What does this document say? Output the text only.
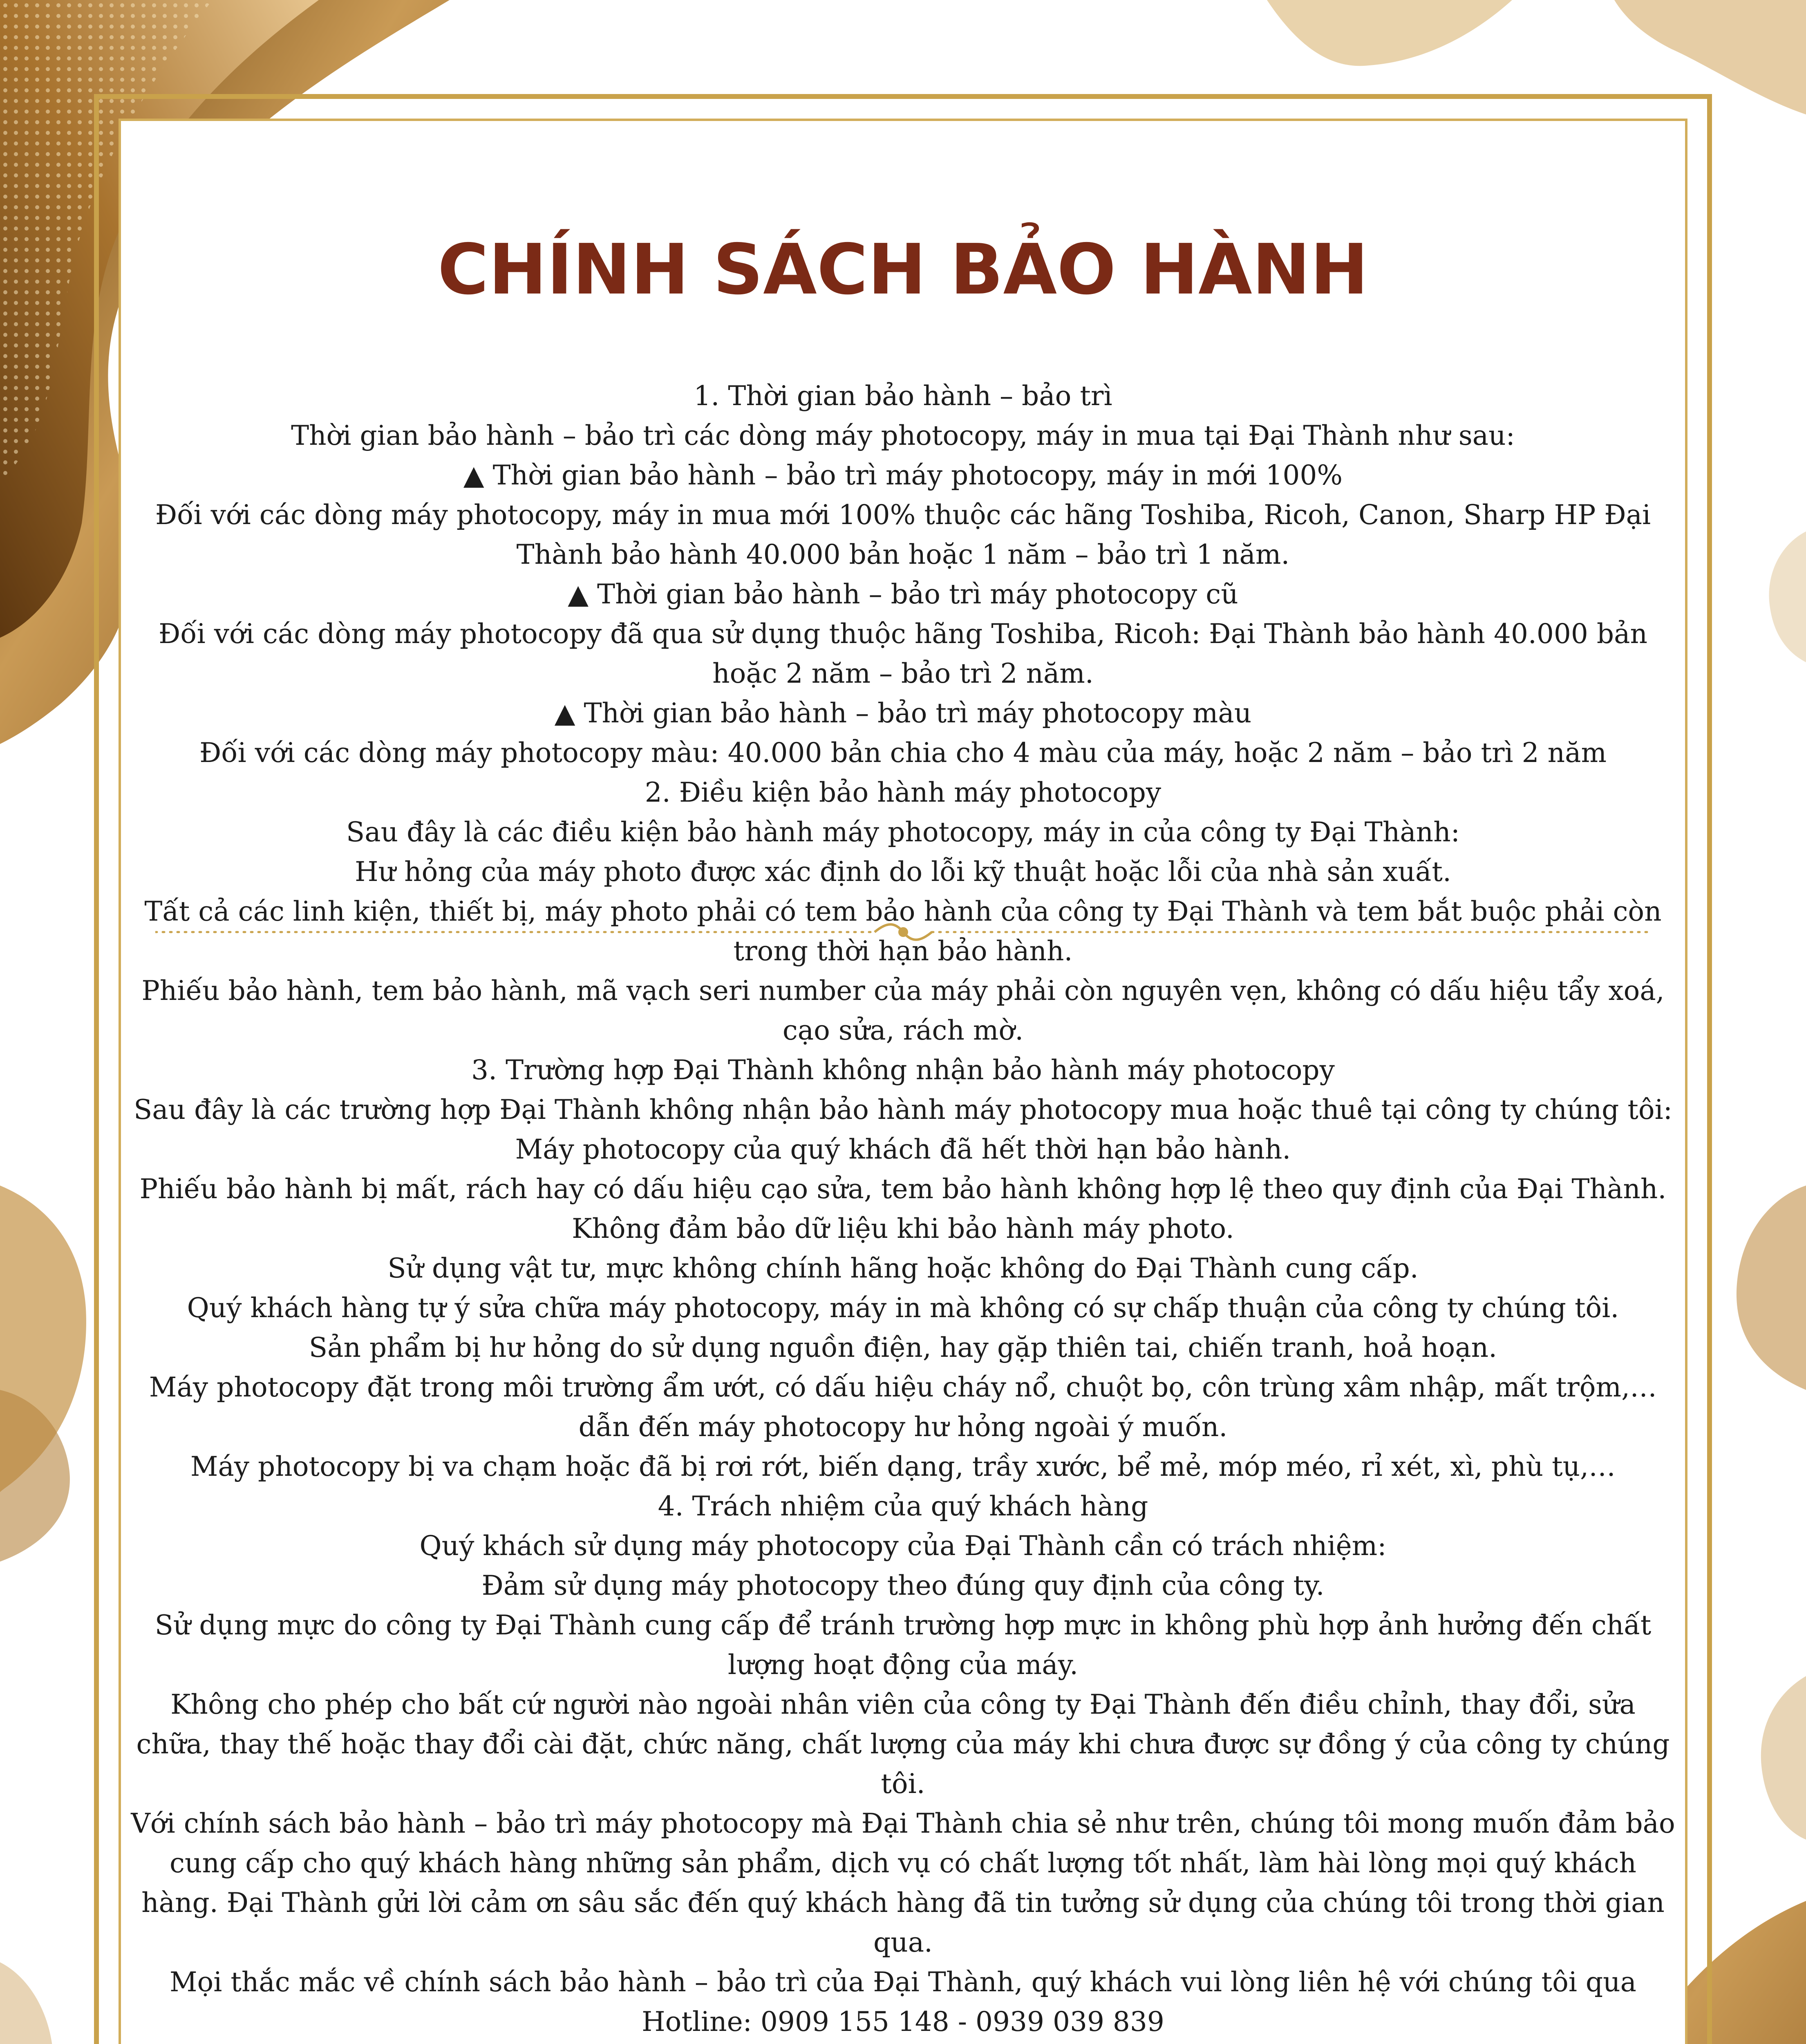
CHÍNH SÁCH BẢO HÀNH

1. Thời gian bảo hành – bảo trì

Thời gian bảo hành – bảo trì các dòng máy photocopy, máy in mua tại Đại Thành như sau:

▲ Thời gian bảo hành – bảo trì máy photocopy, máy in mới 100%

Đối với các dòng máy photocopy, máy in mua mới 100% thuộc các hãng Toshiba, Ricoh, Canon, Sharp HP Đại Thành bảo hành 40.000 bản hoặc 1 năm – bảo trì 1 năm.

▲ Thời gian bảo hành – bảo trì máy photocopy cũ

Đối với các dòng máy photocopy đã qua sử dụng thuộc hãng Toshiba, Ricoh: Đại Thành bảo hành 40.000 bản hoặc 2 năm – bảo trì 2 năm.

▲ Thời gian bảo hành – bảo trì máy photocopy màu

Đối với các dòng máy photocopy màu: 40.000 bản chia cho 4 màu của máy, hoặc 2 năm – bảo trì 2 năm

2. Điều kiện bảo hành máy photocopy

Sau đây là các điều kiện bảo hành máy photocopy, máy in của công ty Đại Thành:

Hư hỏng của máy photo được xác định do lỗi kỹ thuật hoặc lỗi của nhà sản xuất.

Tất cả các linh kiện, thiết bị, máy photo phải có tem bảo hành của công ty Đại Thành và tem bắt buộc phải còn trong thời hạn bảo hành.

Phiếu bảo hành, tem bảo hành, mã vạch seri number của máy phải còn nguyên vẹn, không có dấu hiệu tẩy xoá, cạo sửa, rách mờ.

3. Trường hợp Đại Thành không nhận bảo hành máy photocopy

Sau đây là các trường hợp Đại Thành không nhận bảo hành máy photocopy mua hoặc thuê tại công ty chúng tôi:

Máy photocopy của quý khách đã hết thời hạn bảo hành.

Phiếu bảo hành bị mất, rách hay có dấu hiệu cạo sửa, tem bảo hành không hợp lệ theo quy định của Đại Thành.

Không đảm bảo dữ liệu khi bảo hành máy photo.

Sử dụng vật tư, mực không chính hãng hoặc không do Đại Thành cung cấp.

Quý khách hàng tự ý sửa chữa máy photocopy, máy in mà không có sự chấp thuận của công ty chúng tôi.

Sản phẩm bị hư hỏng do sử dụng nguồn điện, hay gặp thiên tai, chiến tranh, hoả hoạn.

Máy photocopy đặt trong môi trường ẩm ướt, có dấu hiệu cháy nổ, chuột bọ, côn trùng xâm nhập, mất trộm,… dẫn đến máy photocopy hư hỏng ngoài ý muốn.

Máy photocopy bị va chạm hoặc đã bị rơi rớt, biến dạng, trầy xước, bể mẻ, móp méo, rỉ xét, xì, phù tụ,…

4. Trách nhiệm của quý khách hàng

Quý khách sử dụng máy photocopy của Đại Thành cần có trách nhiệm:

Đảm sử dụng máy photocopy theo đúng quy định của công ty.

Sử dụng mực do công ty Đại Thành cung cấp để tránh trường hợp mực in không phù hợp ảnh hưởng đến chất lượng hoạt động của máy.

Không cho phép cho bất cứ người nào ngoài nhân viên của công ty Đại Thành đến điều chỉnh, thay đổi, sửa chữa, thay thế hoặc thay đổi cài đặt, chức năng, chất lượng của máy khi chưa được sự đồng ý của công ty chúng tôi.

Với chính sách bảo hành – bảo trì máy photocopy mà Đại Thành chia sẻ như trên, chúng tôi mong muốn đảm bảo cung cấp cho quý khách hàng những sản phẩm, dịch vụ có chất lượng tốt nhất, làm hài lòng mọi quý khách hàng. Đại Thành gửi lời cảm ơn sâu sắc đến quý khách hàng đã tin tưởng sử dụng của chúng tôi trong thời gian qua.

Mọi thắc mắc về chính sách bảo hành – bảo trì của Đại Thành, quý khách vui lòng liên hệ với chúng tôi qua

Hotline: 0909 155 148 - 0939 039 839
